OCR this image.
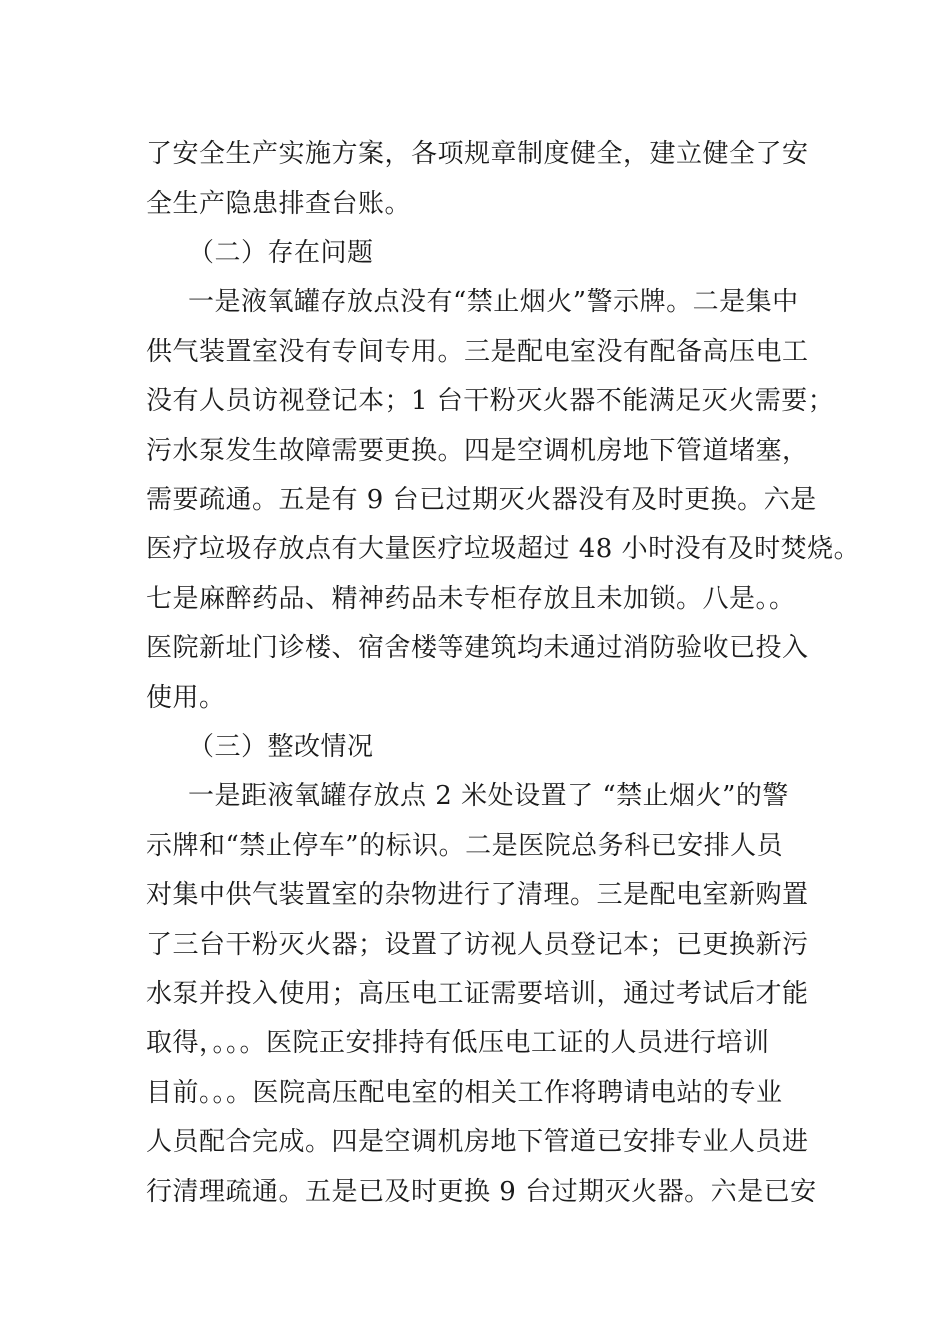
了安全生产实施方案，各项规章制度健全，建立健全了安
全生产隐患排查台账。
（二）存在问题
一是液氧罐存放点没有“禁止烟火”警示牌。二是集中
供气装置室没有专间专用。三是配电室没有配备高压电工
没有人员访视登记本；1 台干粉灭火器不能满足灭火需要；
污水泵发生故障需要更换。四是空调机房地下管道堵塞，
需要疏通。五是有 9 台已过期灭火器没有及时更换。六是
医疗垃圾存放点有大量医疗垃圾超过 48 小时没有及时焚烧。
七是麻醉药品、精神药品未专柜存放且未加锁。八是。。
医院新址门诊楼、宿舍楼等建筑均未通过消防验收已投入
使用。
（三）整改情况
一是距液氧罐存放点 2 米处设置了 “禁止烟火”的警
示牌和“禁止停车”的标识。二是医院总务科已安排人员
对集中供气装置室的杂物进行了清理。三是配电室新购置
了三台干粉灭火器；设置了访视人员登记本；已更换新污
水泵并投入使用；高压电工证需要培训，通过考试后才能
取得，。。。医院正安排持有低压电工证的人员进行培训
目前。。。医院高压配电室的相关工作将聘请电站的专业
人员配合完成。四是空调机房地下管道已安排专业人员进
行清理疏通。五是已及时更换 9 台过期灭火器。六是已安
